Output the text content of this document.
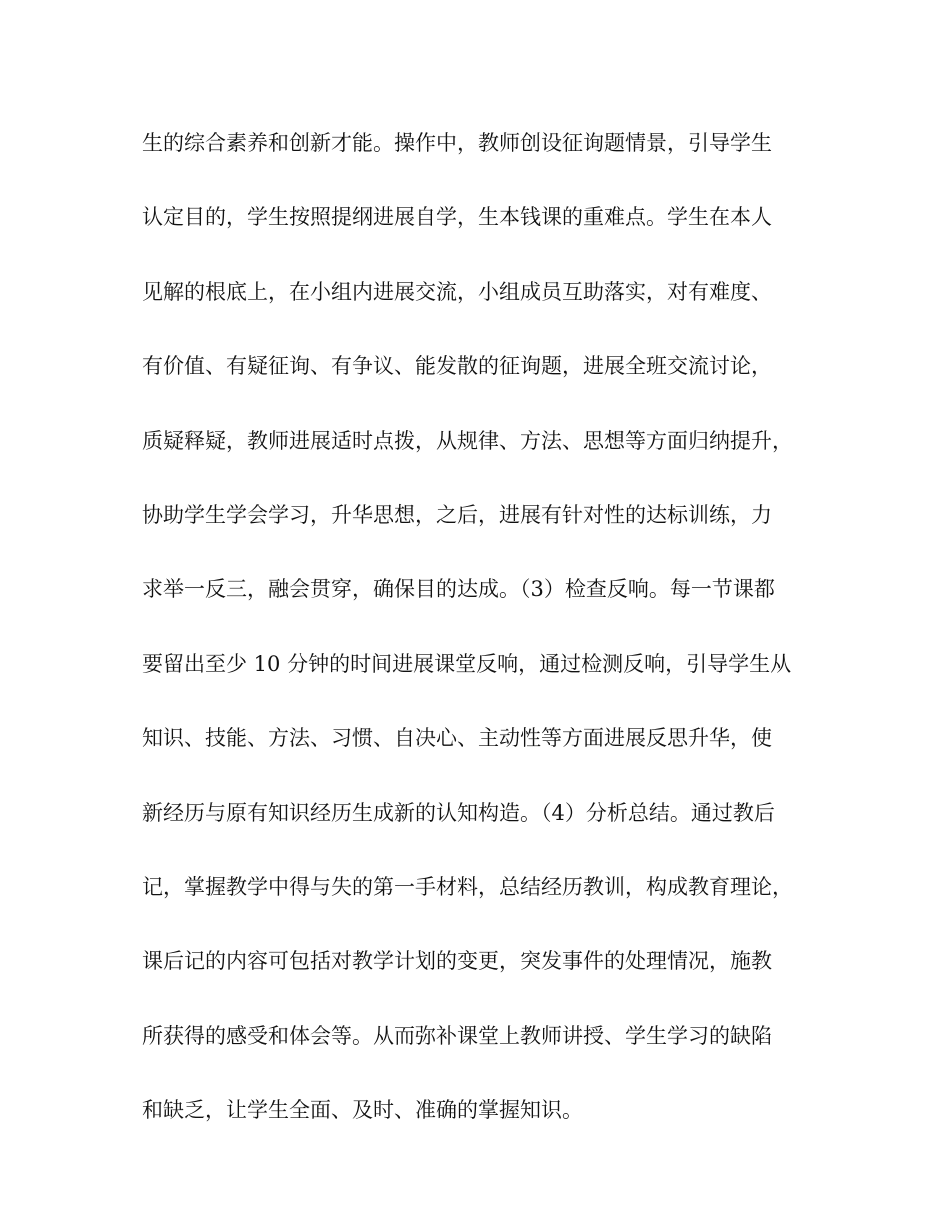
生的综合素养和创新才能。操作中，教师创设征询题情景，引导学生
认定目的，学生按照提纲进展自学，生本钱课的重难点。学生在本人
见解的根底上，在小组内进展交流，小组成员互助落实，对有难度、
有价值、有疑征询、有争议、能发散的征询题，进展全班交流讨论，
质疑释疑，教师进展适时点拨，从规律、方法、思想等方面归纳提升，
协助学生学会学习，升华思想，之后，进展有针对性的达标训练，力
求举一反三，融会贯穿，确保目的达成。（3）检查反响。每一节课都
要留出至少 10 分钟的时间进展课堂反响，通过检测反响，引导学生从
知识、技能、方法、习惯、自决心、主动性等方面进展反思升华，使
新经历与原有知识经历生成新的认知构造。（4）分析总结。通过教后
记，掌握教学中得与失的第一手材料，总结经历教训，构成教育理论，
课后记的内容可包括对教学计划的变更，突发事件的处理情况，施教
所获得的感受和体会等。从而弥补课堂上教师讲授、学生学习的缺陷
和缺乏，让学生全面、及时、准确的掌握知识。
